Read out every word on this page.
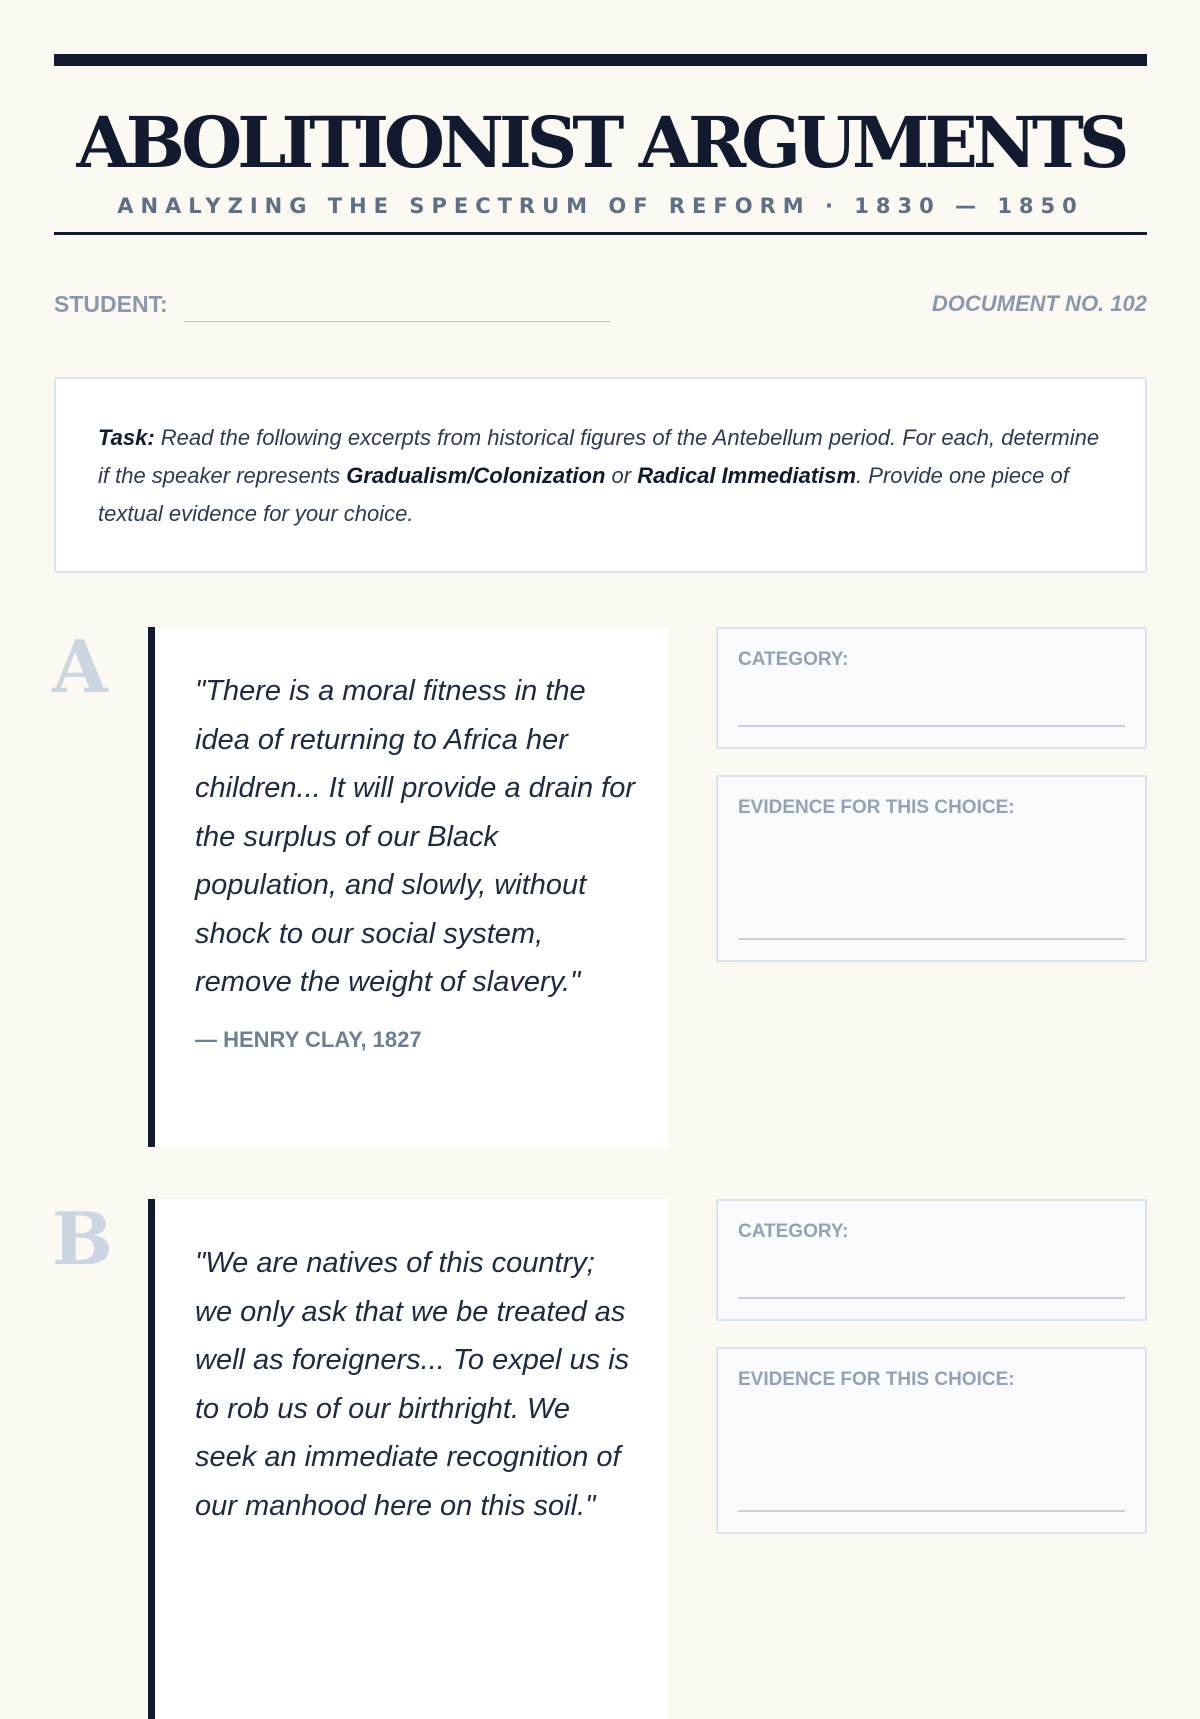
ABOLITIONIST ARGUMENTS
ANALYZING THE SPECTRUM OF REFORM · 1830 — 1850
STUDENT:	DOCUMENT NO. 102
Task: Read the following excerpts from historical figures of the Antebellum period. For each, determine if the speaker represents Gradualism/Colonization or Radical Immediatism. Provide one piece of textual evidence for your choice.
A	"There is a moral fitness in the idea of returning to Africa her children... It will provide a drain for the surplus of our Black population, and slowly, without shock to our social system, remove the weight of slavery."
— HENRY CLAY, 1827
CATEGORY:
EVIDENCE FOR THIS CHOICE:
B	"We are natives of this country; we only ask that we be treated as well as foreigners... To expel us is to rob us of our birthright. We seek an immediate recognition of our manhood here on this soil."
CATEGORY:
EVIDENCE FOR THIS CHOICE:
